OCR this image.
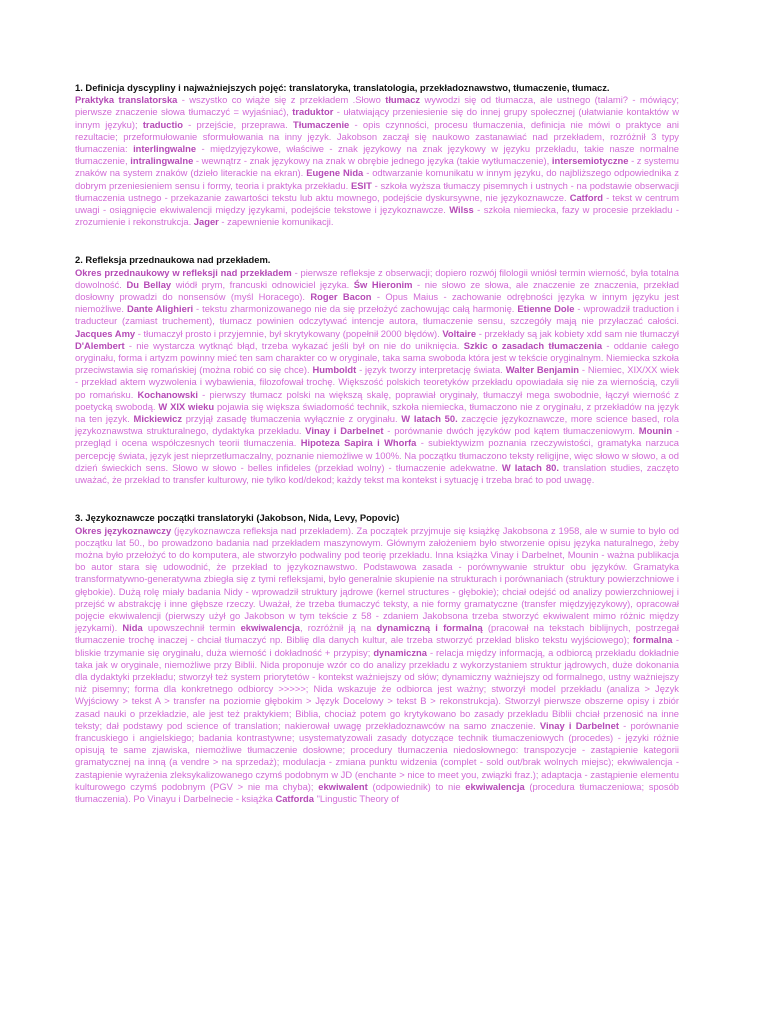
1. Definicja dyscypliny i najważniejszych pojęć: translatoryka, translatologia, przekładoznawstwo, tłumaczenie, tłumacz.

Praktyka translatorska - wszystko co wiąże się z przekładem .Słowo tłumacz wywodzi się od tłumacza, ale ustnego (talami? - mówiący; pierwsze znaczenie słowa tłumaczyć = wyjaśniać), traduktor - ułatwiający przeniesienie się do innej grupy społecznej (ułatwianie kontaktów w innym języku); traductio - przejście, przeprawa. Tłumaczenie - opis czynności, procesu tłumaczenia, definicja nie mówi o praktyce ani rezultacie; przeformułowanie sformułowania na inny język. Jakobson zaczął się naukowo zastanawiać nad przekładem, rozróżnił 3 typy tłumaczenia: interlingwalne - międzyjęzykowe, właściwe - znak językowy na znak językowy w języku przekładu, takie nasze normalne tłumaczenie, intralingwalne - wewnątrz - znak językowy na znak w obrębie jednego języka (takie wytłumaczenie), intersemiotyczne - z systemu znaków na system znaków (dzieło literackie na ekran). Eugene Nida - odtwarzanie komunikatu w innym języku, do najbliższego odpowiednika z dobrym przeniesieniem sensu i formy, teoria i praktyka przekładu. ESIT - szkoła wyższa tłumaczy pisemnych i ustnych - na podstawie obserwacji tłumaczenia ustnego - przekazanie zawartości tekstu lub aktu mownego, podejście dyskursywne, nie językoznawcze. Catford - tekst w centrum uwagi - osiągnięcie ekwiwalencji między językami, podejście tekstowe i językoznawcze. Wilss - szkoła niemiecka, fazy w procesie przekładu - zrozumienie i rekonstrukcja. Jager - zapewnienie komunikacji.

2. Refleksja przednaukowa nad przekładem.

Okres przednaukowy w refleksji nad przekładem - pierwsze refleksje z obserwacji; dopiero rozwój filologii wniósł termin wierność, była totalna dowolność. Du Bellay wiódł prym, francuski odnowiciel języka. Św Hieronim - nie słowo ze słowa, ale znaczenie ze znaczenia, przekład dosłowny prowadzi do nonsensów (myśl Horacego). Roger Bacon - Opus Maius - zachowanie odrębności języka w innym języku jest niemożliwe. Dante Alighieri - tekstu zharmonizowanego nie da się przełożyć zachowując całą harmonię. Etienne Dole - wprowadził traduction i traducteur (zamiast truchement), tłumacz powinien odczytywać intencje autora, tłumaczenie sensu, szczegóły mają nie przyłaczać całości. Jacques Amy - tłumaczył prosto i przyjemnie, był skrytykowany (popełnił 2000 błędów). Voltaire - przekłady są jak kobiety xdd sam nie tłumaczył D'Alembert - nie wystarcza wytknąć błąd, trzeba wykazać jeśli był on nie do uniknięcia. Szkic o zasadach tłumaczenia - oddanie całego oryginału, forma i artyzm powinny mieć ten sam charakter co w oryginale, taka sama swoboda która jest w tekście oryginalnym. Niemiecka szkoła przeciwstawia się romańskiej (można robić co się chce). Humboldt - język tworzy interpretację świata. Walter Benjamin - Niemiec, XIX/XX wiek - przekład aktem wyzwolenia i wybawienia, filozofował trochę. Większość polskich teoretyków przekładu opowiadała się nie za wiernością, czyli po romańsku. Kochanowski - pierwszy tłumacz polski na większą skalę, poprawiał oryginały, tłumaczył mega swobodnie, łączył wierność z poetycką swobodą. W XIX wieku pojawia się większa świadomość technik, szkoła niemiecka, tłumaczono nie z oryginału, z przekładów na język na ten język. Mickiewicz przyjął zasadę tłumaczenia wyłącznie z oryginału. W latach 50. zaczęcie językoznawcze, more science based, rola językoznawstwa strukturalnego, dydaktyka przekładu. Vinay i Darbelnet - porównanie dwóch języków pod kątem tłumaczeniowym. Mounin - przegląd i ocena współczesnych teorii tłumaczenia. Hipoteza Sapira i Whorfa - subiektywizm poznania rzeczywistości, gramatyka narzuca percepcję świata, język jest nieprzetłumaczalny, poznanie niemożliwe w 100%. Na początku tłumaczono teksty religijne, więc słowo w słowo, a od dzień świeckich sens. Słowo w słowo - belles infideles (przekład wolny) - tłumaczenie adekwatne. W latach 80. translation studies, zaczęto uważać, że przekład to transfer kulturowy, nie tylko kod/dekod; każdy tekst ma kontekst i sytuację i trzeba brać to pod uwagę.

3. Językoznawcze początki translatoryki (Jakobson, Nida, Levy, Popovic)

Okres językoznawczy (językoznawcza refleksja nad przekładem). Za początek przyjmuje się książkę Jakobsona z 1958, ale w sumie to było od początku lat 50., bo prowadzono badania nad przekładem maszynowym. Głównym założeniem było stworzenie opisu języka naturalnego, żeby można było przełożyć to do komputera, ale stworzyło podwaliny pod teorię przekładu. Inna książka Vinay i Darbelnet, Mounin - ważna publikacja bo autor stara się udowodnić, że przekład to językoznawstwo. Podstawowa zasada - porównywanie struktur obu języków. Gramatyka transformatywno-generatywna zbiegła się z tymi refleksjami, było generalnie skupienie na strukturach i porównaniach (struktury powierzchniowe i głębokie). Dużą rolę miały badania Nidy - wprowadził struktury jądrowe (kernel structures - głębokie); chciał odejść od analizy powierzchniowej i przejść w abstrakcję i inne głębsze rzeczy. Uważał, że trzeba tłumaczyć teksty, a nie formy gramatyczne (transfer międzyjęzykowy), opracował pojęcie ekwiwalencji (pierwszy użył go Jakobson w tym tekście z 58 - zdaniem Jakobsona trzeba stworzyć ekwiwalent mimo różnic między językami). Nida upowszechnił termin ekwiwalencja, rozróżnił ją na dynamiczną i formalną (pracował na tekstach biblijnych, postrzegał tłumaczenie trochę inaczej - chciał tłumaczyć np. Biblię dla danych kultur, ale trzeba stworzyć przekład blisko tekstu wyjściowego); formalna - bliskie trzymanie się oryginału, duża wierność i dokładność + przypisy; dynamiczna - relacja między informacją, a odbiorcą przekładu dokładnie taka jak w oryginale, niemożliwe przy Biblii. Nida proponuje wzór co do analizy przekładu z wykorzystaniem struktur jądrowych, duże dokonania dla dydaktyki przekładu; stworzył też system priorytetów - kontekst ważniejszy od słów; dynamiczny ważniejszy od formalnego, ustny ważniejszy niż pisemny; forma dla konkretnego odbiorcy >>>>>; Nida wskazuje że odbiorca jest ważny; stworzył model przekładu (analiza > Język Wyjściowy > tekst A > transfer na poziomie głębokim > Język Docelowy > tekst B > rekonstrukcja). Stworzył pierwsze obszerne opisy i zbiór zasad nauki o przekładzie, ale jest też praktykiem; Biblia, chociaż potem go krytykowano bo zasady przekładu Biblii chciał przenosić na inne teksty; dał podstawy pod science of translation; nakierował uwagę przekładoznawców na samo znaczenie. Vinay i Darbelnet - porównanie francuskiego i angielskiego; badania kontrastywne; usystematyzowali zasady dotyczące technik tłumaczeniowych (procedes) - języki różnie opisują te same zjawiska, niemożliwe tłumaczenie dosłowne; procedury tłumaczenia niedosłownego: transpozycje - zastąpienie kategorii gramatycznej na inną (a vendre > na sprzedaż); modulacja - zmiana punktu widzenia (complet - sold out/brak wolnych miejsc); ekwiwalencja - zastąpienie wyrażenia zleksykalizowanego czymś podobnym w JD (enchante > nice to meet you, związki fraz.); adaptacja - zastąpienie elementu kulturowego czymś podobnym (PGV > nie ma chyba); ekwiwalent (odpowiednik) to nie ekwiwalencja (procedura tłumaczeniowa; sposób tłumaczenia). Po Vinayu i Darbelnecie - książka Catforda "Lingustic Theory of
